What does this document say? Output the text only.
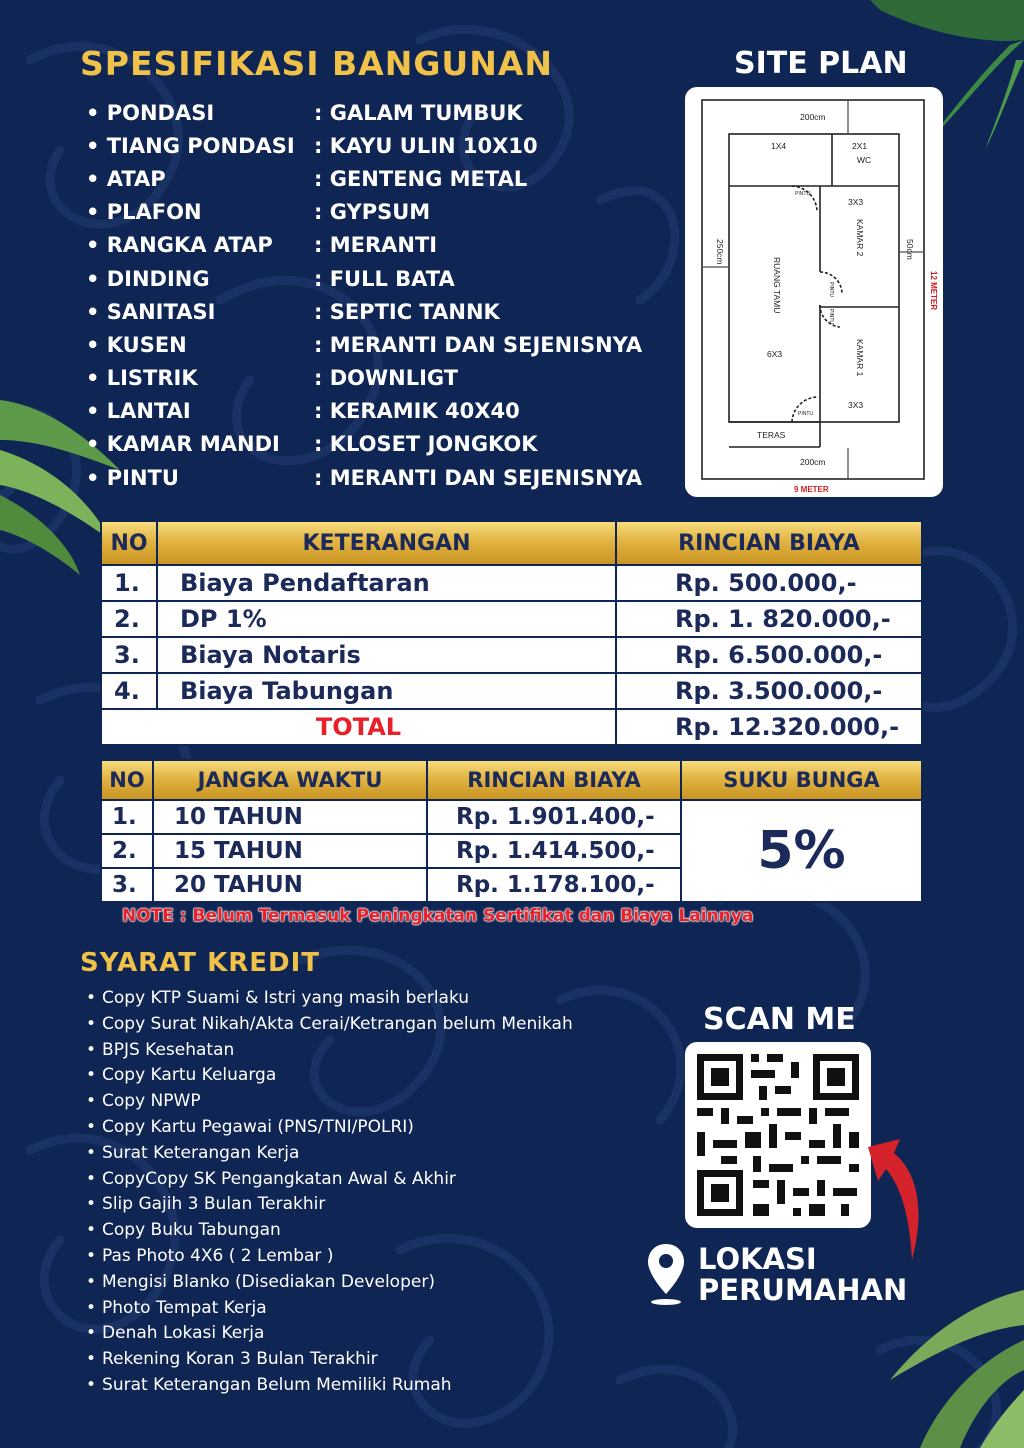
SPESIFIKASI BANGUNAN
• PONDASI	: GALAM TUMBUK
• TIANG PONDASI : KAYU ULIN 10X10
• ATAP	: GENTENG METAL
• PLAFON	: GYPSUM
• RANGKA ATAP	: MERANTI
• DINDING	: FULL BATA
• SANITASI	: SEPTIC TANNK
• KUSEN	: MERANTI DAN SEJENISNYA
• LISTRIK	: DOWNLIGT
• LANTAI	: KERAMIK 40X40
• KAMAR MANDI	: KLOSET JONGKOK
• PINTU	: MERANTI DAN SEJENISNYA
SITE PLAN
200cm
200cm
1X4	2X1
WC
3X3
3X3
6X3
TERAS
250cm	50cm
KAMAR 2
KAMAR 1
RUANG TAMU
PINTU
PINTU
PINTU
PINTU
12 METER
9 METER
NO	KETERANGAN	RINCIAN BIAYA
1.	Biaya Pendaftaran	Rp. 500.000,-
2.	DP 1%	Rp. 1. 820.000,-
3.	Biaya Notaris	Rp. 6.500.000,-
4.	Biaya Tabungan	Rp. 3.500.000,-
TOTAL		Rp. 12.320.000,-
NO	JANGKA WAKTU	RINCIAN BIAYA	SUKU BUNGA
1.	10 TAHUN	Rp. 1.901.400,-	5%
2.	15 TAHUN	Rp. 1.414.500,-	
3.	20 TAHUN	Rp. 1.178.100,-	
NOTE : Belum Termasuk Peningkatan Sertifikat dan Biaya Lainnya
SYARAT KREDIT
• Copy KTP Suami & Istri yang masih berlaku
• Copy Surat Nikah/Akta Cerai/Ketrangan belum Menikah
• BPJS Kesehatan
• Copy Kartu Keluarga
• Copy NPWP
• Copy Kartu Pegawai (PNS/TNI/POLRI)
• Surat Keterangan Kerja
• CopyCopy SK Pengangkatan Awal & Akhir
• Slip Gajih 3 Bulan Terakhir
• Copy Buku Tabungan
• Pas Photo 4X6 ( 2 Lembar )
• Mengisi Blanko (Disediakan Developer)
• Photo Tempat Kerja
• Denah Lokasi Kerja
• Rekening Koran 3 Bulan Terakhir
• Surat Keterangan Belum Memiliki Rumah
SCAN ME
LOKASI
PERUMAHAN
